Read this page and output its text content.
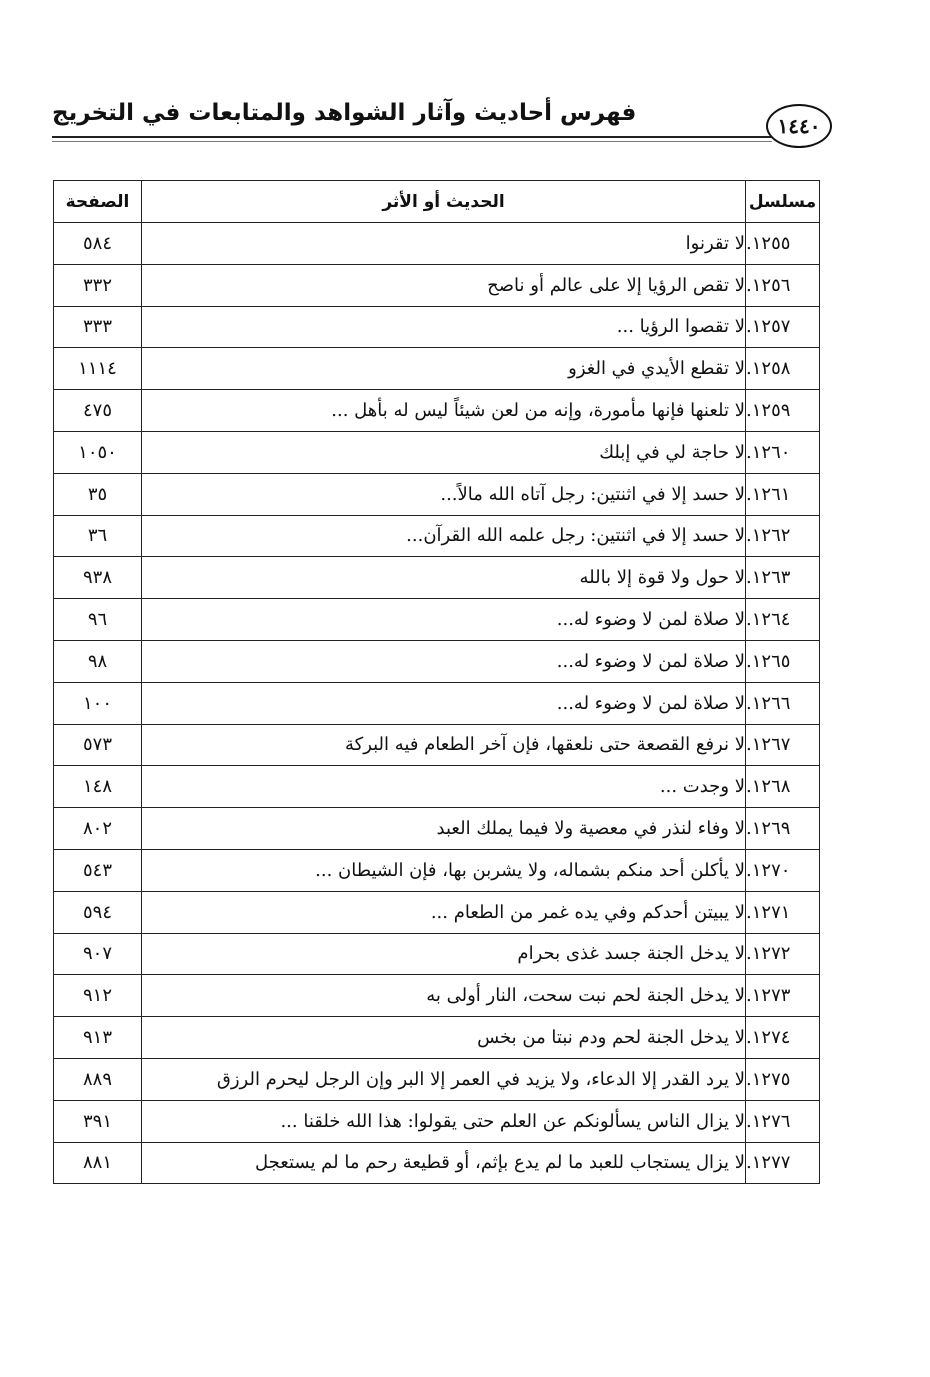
١٤٤٠
فهرس أحاديث وآثار الشواهد والمتابعات في التخريج
مسلسل	الحديث أو الأثر	الصفحة
١٢٥٥.	لا تقرنوا	٥٨٤
١٢٥٦.	لا تقص الرؤيا إلا على عالم أو ناصح	٣٣٢
١٢٥٧.	لا تقصوا الرؤيا ...	٣٣٣
١٢٥٨.	لا تقطع الأيدي في الغزو	١١١٤
١٢٥٩.	لا تلعنها فإنها مأمورة، وإنه من لعن شيئاً ليس له بأهل ...	٤٧٥
١٢٦٠.	لا حاجة لي في إبلك	١٠٥٠
١٢٦١.	لا حسد إلا في اثنتين: رجل آتاه الله مالاً...	٣٥
١٢٦٢.	لا حسد إلا في اثنتين: رجل علمه الله القرآن...	٣٦
١٢٦٣.	لا حول ولا قوة إلا بالله	٩٣٨
١٢٦٤.	لا صلاة لمن لا وضوء له...	٩٦
١٢٦٥.	لا صلاة لمن لا وضوء له...	٩٨
١٢٦٦.	لا صلاة لمن لا وضوء له...	١٠٠
١٢٦٧.	لا نرفع القصعة حتى نلعقها، فإن آخر الطعام فيه البركة	٥٧٣
١٢٦٨.	لا وجدت ...	١٤٨
١٢٦٩.	لا وفاء لنذر في معصية ولا فيما يملك العبد	٨٠٢
١٢٧٠.	لا يأكلن أحد منكم بشماله، ولا يشربن بها، فإن الشيطان ...	٥٤٣
١٢٧١.	لا يبيتن أحدكم وفي يده غمر من الطعام ...	٥٩٤
١٢٧٢.	لا يدخل الجنة جسد غذى بحرام	٩٠٧
١٢٧٣.	لا يدخل الجنة لحم نبت سحت، النار أولى به	٩١٢
١٢٧٤.	لا يدخل الجنة لحم ودم نبتا من بخس	٩١٣
١٢٧٥.	لا يرد القدر إلا الدعاء، ولا يزيد في العمر إلا البر وإن الرجل ليحرم الرزق	٨٨٩
١٢٧٦.	لا يزال الناس يسألونكم عن العلم حتى يقولوا: هذا الله خلقنا ...	٣٩١
١٢٧٧.	لا يزال يستجاب للعبد ما لم يدع بإثم، أو قطيعة رحم ما لم يستعجل	٨٨١
